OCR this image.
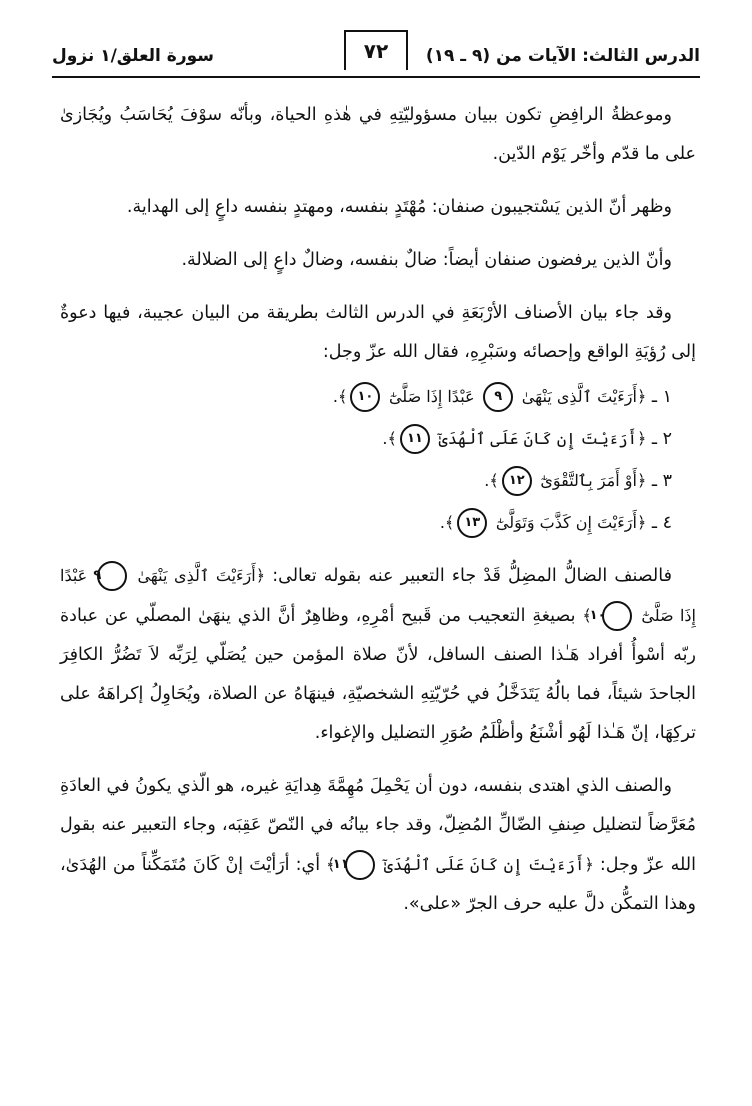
الدرس الثالث: الآيات من (٩ ـ ١٩)
٧٢
سورة العلق/١ نزول

وموعظةُ الرافِضِ تكون ببيان مسؤوليّتِهِ في هٰذهِ الحياة، وبأنّه سوْفَ يُحَاسَبُ ويُجَازىٰ على ما قدّم وأخّر يَوْم الدّين.

وظهر أنّ الذين يَسْتجيبون صنفان: مُهْتَدٍ بنفسه، ومهتدٍ بنفسه داعٍ إلى الهداية.

وأنّ الذين يرفضون صنفان أيضاً: ضالٌ بنفسه، وضالٌ داعٍ إلى الضلالة.

وقد جاء بيان الأصناف الأرْبَعَةِ في الدرس الثالث بطريقة من البيان عجيبة، فيها دعوةٌ إلى رُؤيَةِ الواقع وإحصائه وسَبْرِهِ، فقال الله عزّ وجل:

١ ـ ﴿أَرَءَيْتَ ٱلَّذِى يَنْهَىٰ ٩ عَبْدًا إِذَا صَلَّىٰٓ ١٠﴾.
٢ ـ ﴿أَرَءَيْتَ إِن كَانَ عَلَى ٱلْهُدَىٰٓ ١١﴾.
٣ ـ ﴿أَوْ أَمَرَ بِٱلتَّقْوَىٰٓ ١٢﴾.
٤ ـ ﴿أَرَءَيْتَ إِن كَذَّبَ وَتَوَلَّىٰٓ ١٣﴾.

فالصنف الضالُّ المضِلُّ قَدْ جاء التعبير عنه بقوله تعالى: ﴿أَرَءَيْتَ ٱلَّذِى يَنْهَىٰ ٩ عَبْدًا إِذَا صَلَّىٰٓ ١٠ ﴾ بصيغةِ التعجيب من قَبيح أمْرِهِ، وظاهِرٌ أنَّ الذي ينهَىٰ المصلّي عن عبادة ربّه أسْوأُ أفراد هَـٰذا الصنف السافل، لأنّ صلاة المؤمن حين يُصَلّي لِرَبِّه لاَ تَضُرُّ الكافِرَ الجاحدَ شيئاً، فما بالُهُ يَتَدَخَّلُ في حُرّيّتِهِ الشخصيّةِ، فينهَاهُ عن الصلاة، ويُحَاوِلُ إكراهَهُ على تركِهَا، إنّ هَـٰذا لَهُو أشْنَعُ وأظْلَمُ صُوَرِ التضليل والإغواء.

والصنف الذي اهتدى بنفسه، دون أن يَحْمِلَ مُهِمَّةَ هِدايَةِ غيره، هو الّذي يكونُ في العادَةِ مُعَرَّضاً لتضليل صِنفِ الضّالِّ المُضِلّ، وقد جاء بيانُه في النّصّ عَقِبَه، وجاء التعبير عنه بقول الله عزّ وجل: ﴿أَرَءَيْتَ إِن كَانَ عَلَى ٱلْهُدَىٰٓ ١١ ﴾ أي: أرَأيْتَ إنْ كَانَ مُتَمَكِّناً من الهُدَىٰ، وهذا التمكُّن دلَّ عليه حرف الجرّ «على».
